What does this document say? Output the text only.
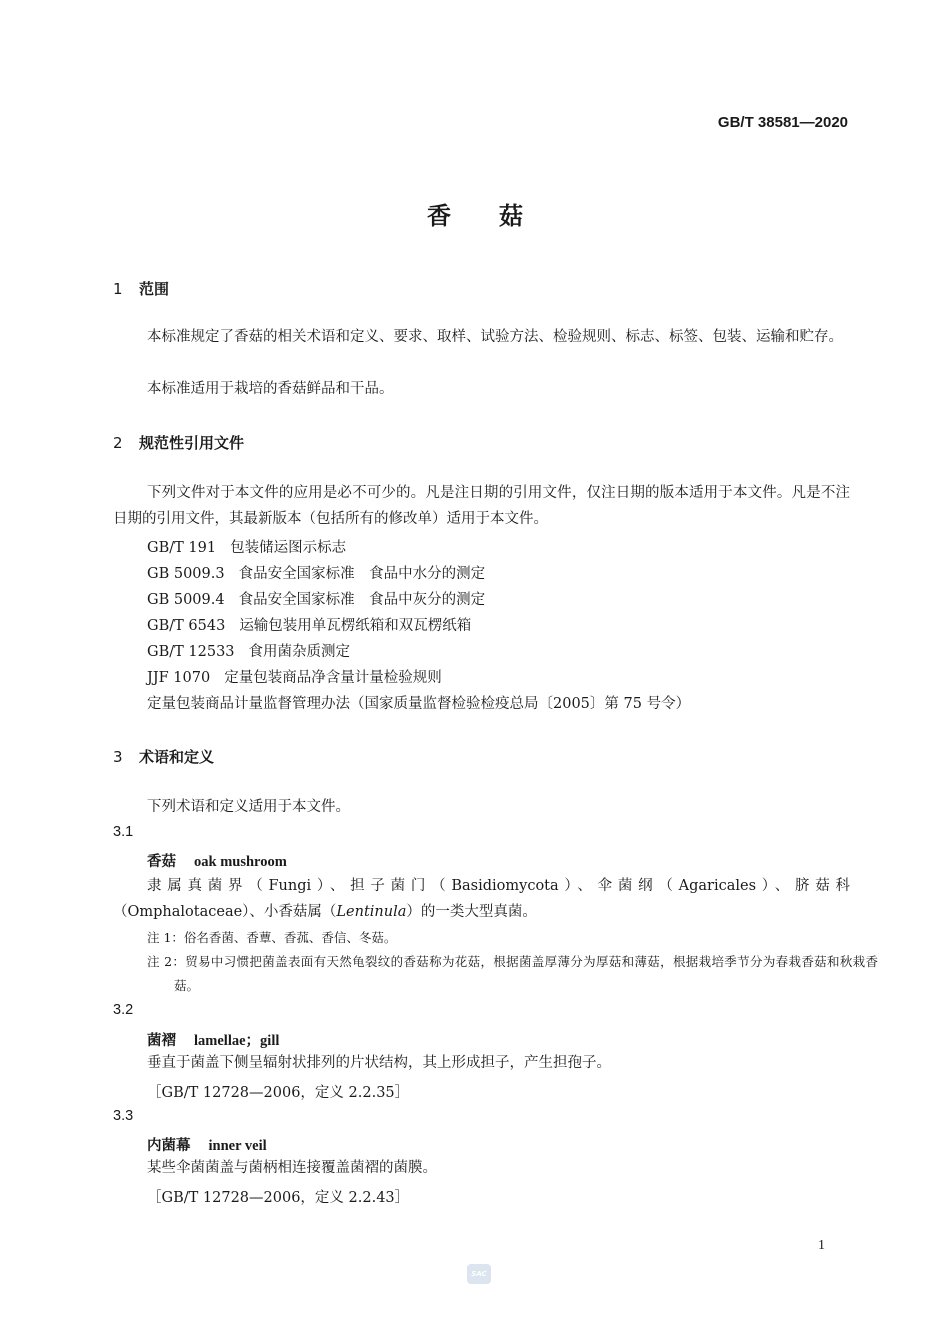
GB/T 38581—2020
香菇
1 范围
本标准规定了香菇的相关术语和定义、要求、取样、试验方法、检验规则、标志、标签、包装、运输和贮存。
本标准适用于栽培的香菇鲜品和干品。
2 规范性引用文件
下列文件对于本文件的应用是必不可少的。凡是注日期的引用文件，仅注日期的版本适用于本文件。凡是不注日期的引用文件，其最新版本（包括所有的修改单）适用于本文件。
GB/T 191 包装储运图示标志
GB 5009.3 食品安全国家标准　食品中水分的测定
GB 5009.4 食品安全国家标准　食品中灰分的测定
GB/T 6543 运输包装用单瓦楞纸箱和双瓦楞纸箱
GB/T 12533 食用菌杂质测定
JJF 1070 定量包装商品净含量计量检验规则
定量包装商品计量监督管理办法（国家质量监督检验检疫总局〔2005〕第 75 号令）
3 术语和定义
下列术语和定义适用于本文件。
3.1
香菇 oak mushroom
隶属真菌界（Fungi）、担子菌门（Basidiomycota）、伞菌纲（Agaricales）、脐菇科（Omphalotaceae）、小香菇属（Lentinula）的一类大型真菌。
注 1：俗名香菌、香蕈、香菰、香信、冬菇。
注 2：贸易中习惯把菌盖表面有天然龟裂纹的香菇称为花菇，根据菌盖厚薄分为厚菇和薄菇，根据栽培季节分为春栽香菇和秋栽香菇。
3.2
菌褶 lamellae；gill
垂直于菌盖下侧呈辐射状排列的片状结构，其上形成担子，产生担孢子。
［GB/T 12728—2006，定义 2.2.35］
3.3
内菌幕 inner veil
某些伞菌菌盖与菌柄相连接覆盖菌褶的菌膜。
［GB/T 12728—2006，定义 2.2.43］
1
SAC
